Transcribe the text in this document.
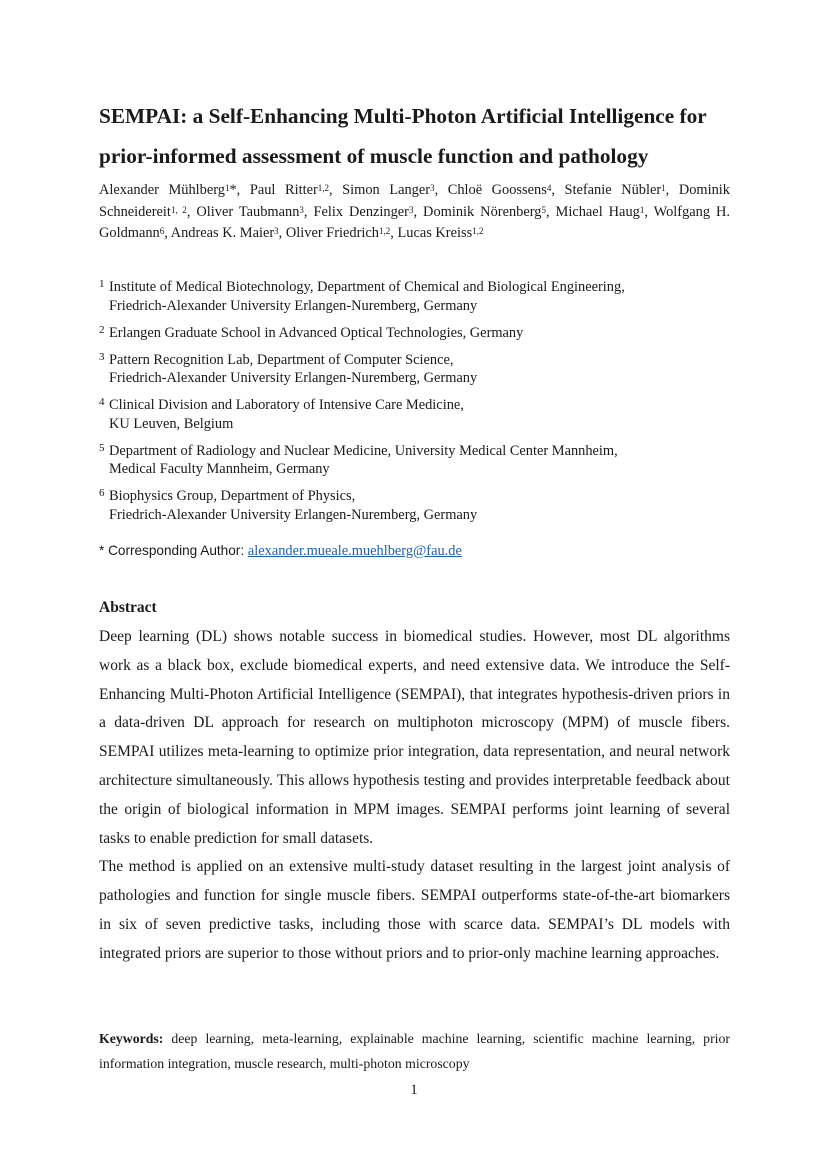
SEMPAI: a Self-Enhancing Multi-Photon Artificial Intelligence for prior-informed assessment of muscle function and pathology

Alexander Mühlberg$^1$*, Paul Ritter$^{1,2}$, Simon Langer$^3$, Chloë Goossens$^4$, Stefanie Nübler$^1$, Dominik Schneidereit$^{1, 2}$, Oliver Taubmann$^3$, Felix Denzinger$^3$, Dominik Nörenberg$^5$, Michael Haug$^1$, Wolfgang H. Goldmann$^6$, Andreas K. Maier$^3$, Oliver Friedrich$^{1,2}$, Lucas Kreiss$^{1,2}$

1 Institute of Medical Biotechnology, Department of Chemical and Biological Engineering,
Friedrich-Alexander University Erlangen-Nuremberg, Germany
2 Erlangen Graduate School in Advanced Optical Technologies, Germany
3 Pattern Recognition Lab, Department of Computer Science,
Friedrich-Alexander University Erlangen-Nuremberg, Germany
4 Clinical Division and Laboratory of Intensive Care Medicine,
KU Leuven, Belgium
5 Department of Radiology and Nuclear Medicine, University Medical Center Mannheim,
Medical Faculty Mannheim, Germany
6 Biophysics Group, Department of Physics,
Friedrich-Alexander University Erlangen-Nuremberg, Germany

* Corresponding Author: alexander.mueale.muehlberg@fau.de

Abstract

Deep learning (DL) shows notable success in biomedical studies. However, most DL algorithms work as a black box, exclude biomedical experts, and need extensive data. We introduce the Self-Enhancing Multi-Photon Artificial Intelligence (SEMPAI), that integrates hypothesis-driven priors in a data-driven DL approach for research on multiphoton microscopy (MPM) of muscle fibers. SEMPAI utilizes meta-learning to optimize prior integration, data representation, and neural network architecture simultaneously. This allows hypothesis testing and provides interpretable feedback about the origin of biological information in MPM images. SEMPAI performs joint learning of several tasks to enable prediction for small datasets.

The method is applied on an extensive multi-study dataset resulting in the largest joint analysis of pathologies and function for single muscle fibers. SEMPAI outperforms state-of-the-art biomarkers in six of seven predictive tasks, including those with scarce data. SEMPAI’s DL models with integrated priors are superior to those without priors and to prior-only machine learning approaches.

Keywords: deep learning, meta-learning, explainable machine learning, scientific machine learning, prior information integration, muscle research, multi-photon microscopy

1
